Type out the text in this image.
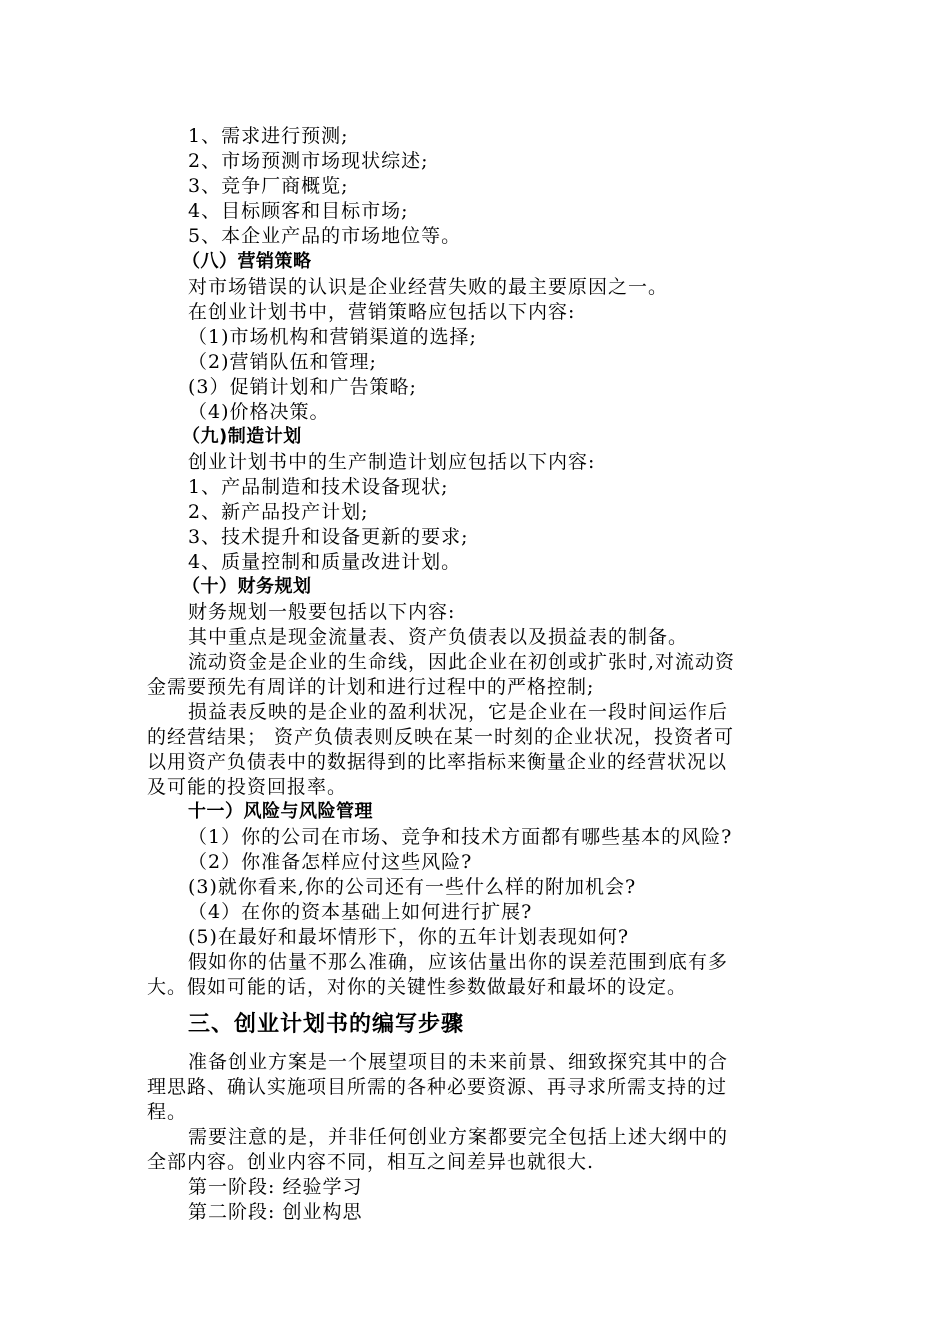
1、需求进行预测;
2、市场预测市场现状综述;
3、竞争厂商概览;
4、目标顾客和目标市场;
5、本企业产品的市场地位等。
（八）营销策略
对市场错误的认识是企业经营失败的最主要原因之一。
在创业计划书中，营销策略应包括以下内容:
（1)市场机构和营销渠道的选择;
（2)营销队伍和管理;
(3）促销计划和广告策略;
（4)价格决策。
（九)制造计划
创业计划书中的生产制造计划应包括以下内容:
1、产品制造和技术设备现状;
2、新产品投产计划;
3、技术提升和设备更新的要求;
4、质量控制和质量改进计划。
（十）财务规划
财务规划一般要包括以下内容:
其中重点是现金流量表、资产负债表以及损益表的制备。
流动资金是企业的生命线，因此企业在初创或扩张时,对流动资
金需要预先有周详的计划和进行过程中的严格控制;
损益表反映的是企业的盈利状况，它是企业在一段时间运作后
的经营结果； 资产负债表则反映在某一时刻的企业状况，投资者可
以用资产负债表中的数据得到的比率指标来衡量企业的经营状况以
及可能的投资回报率。
十一）风险与风险管理
（1）你的公司在市场、竞争和技术方面都有哪些基本的风险?
（2）你准备怎样应付这些风险?
(3)就你看来,你的公司还有一些什么样的附加机会?
（4）在你的资本基础上如何进行扩展?
(5)在最好和最坏情形下，你的五年计划表现如何?
假如你的估量不那么准确，应该估量出你的误差范围到底有多
大。假如可能的话，对你的关键性参数做最好和最坏的设定。
三、创业计划书的编写步骤
准备创业方案是一个展望项目的未来前景、细致探究其中的合
理思路、确认实施项目所需的各种必要资源、再寻求所需支持的过
程。
需要注意的是，并非任何创业方案都要完全包括上述大纲中的
全部内容。创业内容不同，相互之间差异也就很大.
第一阶段: 经验学习
第二阶段: 创业构思
